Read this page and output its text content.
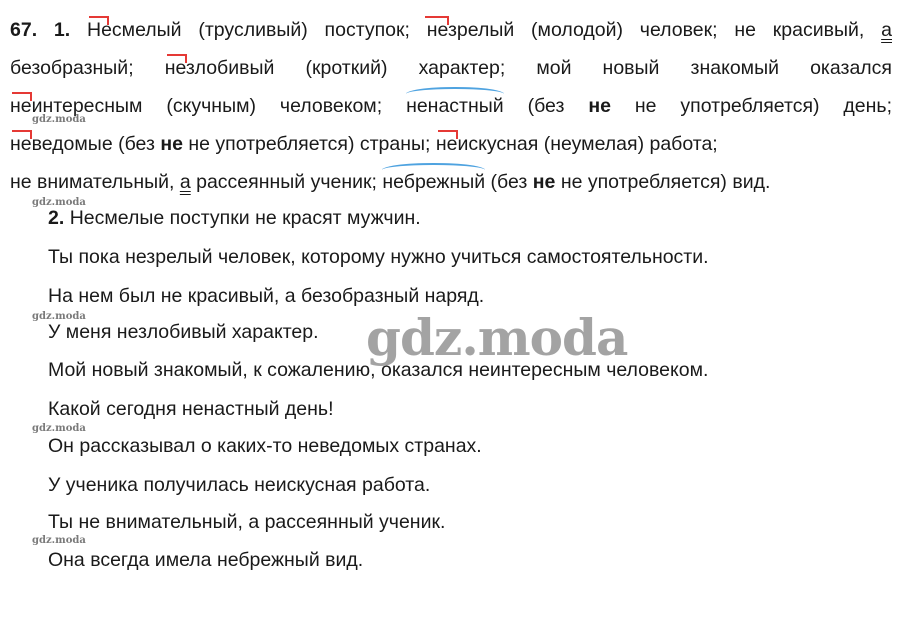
67. 1. Несмелый (трусливый) поступок; незрелый (молодой) человек; не красивый, а
безобразный; незлобивый (кроткий) характер; мой новый знакомый оказался
неинтересным (скучным) человеком; ненастный (без не не употребляется) день;
неведомые (без не не употребляется) страны; неискусная (неумелая) работа;
не внимательный, а рассеянный ученик; небрежный (без не не употребляется) вид.
2. Несмелые поступки не красят мужчин.
Ты пока незрелый человек, которому нужно учиться самостоятельности.
На нем был не красивый, а безобразный наряд.
У меня незлобивый характер.
Мой новый знакомый, к сожалению, оказался неинтересным человеком.
Какой сегодня ненастный день!
Он рассказывал о каких-то неведомых странах.
У ученика получилась неискусная работа.
Ты не внимательный, а рассеянный ученик.
Она всегда имела небрежный вид.
gdz.moda
gdz.moda
gdz.moda
gdz.moda
gdz.moda
gdz.moda
